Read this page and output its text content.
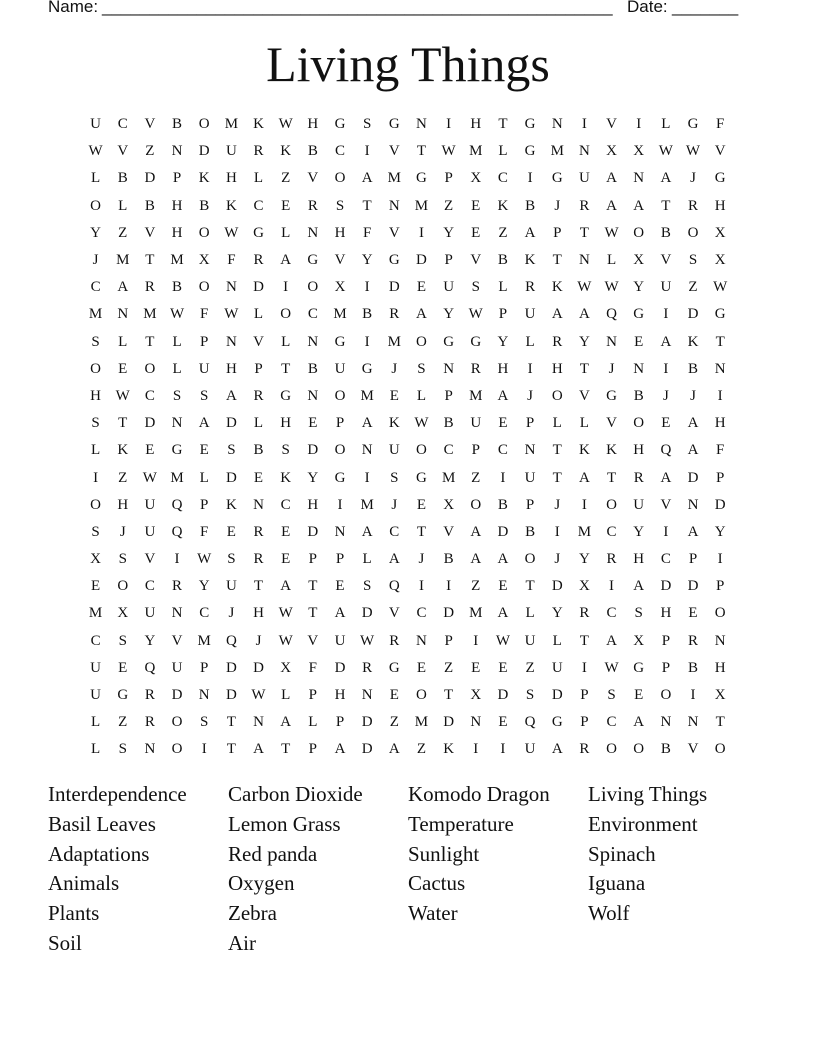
Name: ______________________________________________________ Date: _______
Living Things
U	C	V	B	O	M	K W H	G	S	G	N	I	H	T	G	N	I	V	I	L	G	F
W V	Z	N	D	U	R	K	B	C	I	V	T	W M	L	G	M	N	X	X W W V
L	B	D	P	K	H	L	Z	V	O	A	M	G	P	X	C	I	G	U	A	N	A	J	G
O	L	B	H	B	K	C	E	R	S	T	N	M	Z	E	K	B	J	R	A	A	T	R	H
Y	Z	V	H	O W G	L	N	H	F	V	I	Y	E	Z	A	P	T	W O	B	O	X
J	M	T	M	X	F	R	A	G	V	Y	G	D	P	V	B	K	T	N	L	X	V	S	X
C	A	R	B	O	N	D	I	O	X	I	D	E	U	S	L	R	K W W Y	U	Z	W
M	N	M W	F	W	L	O	C	M	B	R	A	Y W	P	U	A	A	Q	G	I	D	G
S	L	T	L	P	N	V	L	N	G	I	M	O	G	G	Y	L	R	Y	N	E	A	K	T
O	E	O	L	U	H	P	T	B	U	G	J	S	N	R	H	I	H	T	J	N	I	B	N
H W	C	S	S	A	R	G	N	O	M	E	L	P	M	A	J	O	V	G	B	J	J	I
S	T	D	N	A	D	L	H	E	P	A	K W	B	U	E	P	L	L	V	O	E	A	H
L	K	E	G	E	S	B	S	D	O	N	U	O	C	P	C	N	T	K	K	H	Q	A	F
I	Z	W M	L	D	E	K	Y	G	I	S	G	M	Z	I	U	T	A	T	R	A	D	P
O	H	U	Q	P	K	N	C	H	I	M	J	E	X	O	B	P	J	I	O	U	V	N	D
S	J	U	Q	F	E	R	E	D	N	A	C	T	V	A	D	B	I	M	C	Y	I	A	Y
X	S	V	I	W	S	R	E	P	P	L	A	J	B	A	A	O	J	Y	R	H	C	P	I
E	O	C	R	Y	U	T	A	T	E	S	Q	I	I	Z	E	T	D	X	I	A	D	D	P
M	X	U	N	C	J	H W	T	A	D	V	C	D	M	A	L	Y	R	C	S	H	E	O
C	S	Y	V	M	Q	J	W V	U W	R	N	P	I	W U	L	T	A	X	P	R	N
U	E	Q	U	P	D	D	X	F	D	R	G	E	Z	E	E	Z	U	I	W G	P	B	H
U	G	R	D	N	D W	L	P	H	N	E	O	T	X	D	S	D	P	S	E	O	I	X
L	Z	R	O	S	T	N	A	L	P	D	Z	M	D	N	E	Q	G	P	C	A	N	N	T
L	S	N	O	I	T	A	T	P	A	D	A	Z	K	I	I	U	A	R	O	O	B	V	O
Interdependence	Carbon Dioxide	Komodo Dragon	Living Things
Basil Leaves	Lemon Grass	Temperature	Environment
Adaptations	Red panda	Sunlight	Spinach
Animals	Oxygen	Cactus	Iguana
Plants	Zebra	Water	Wolf
Soil	Air
